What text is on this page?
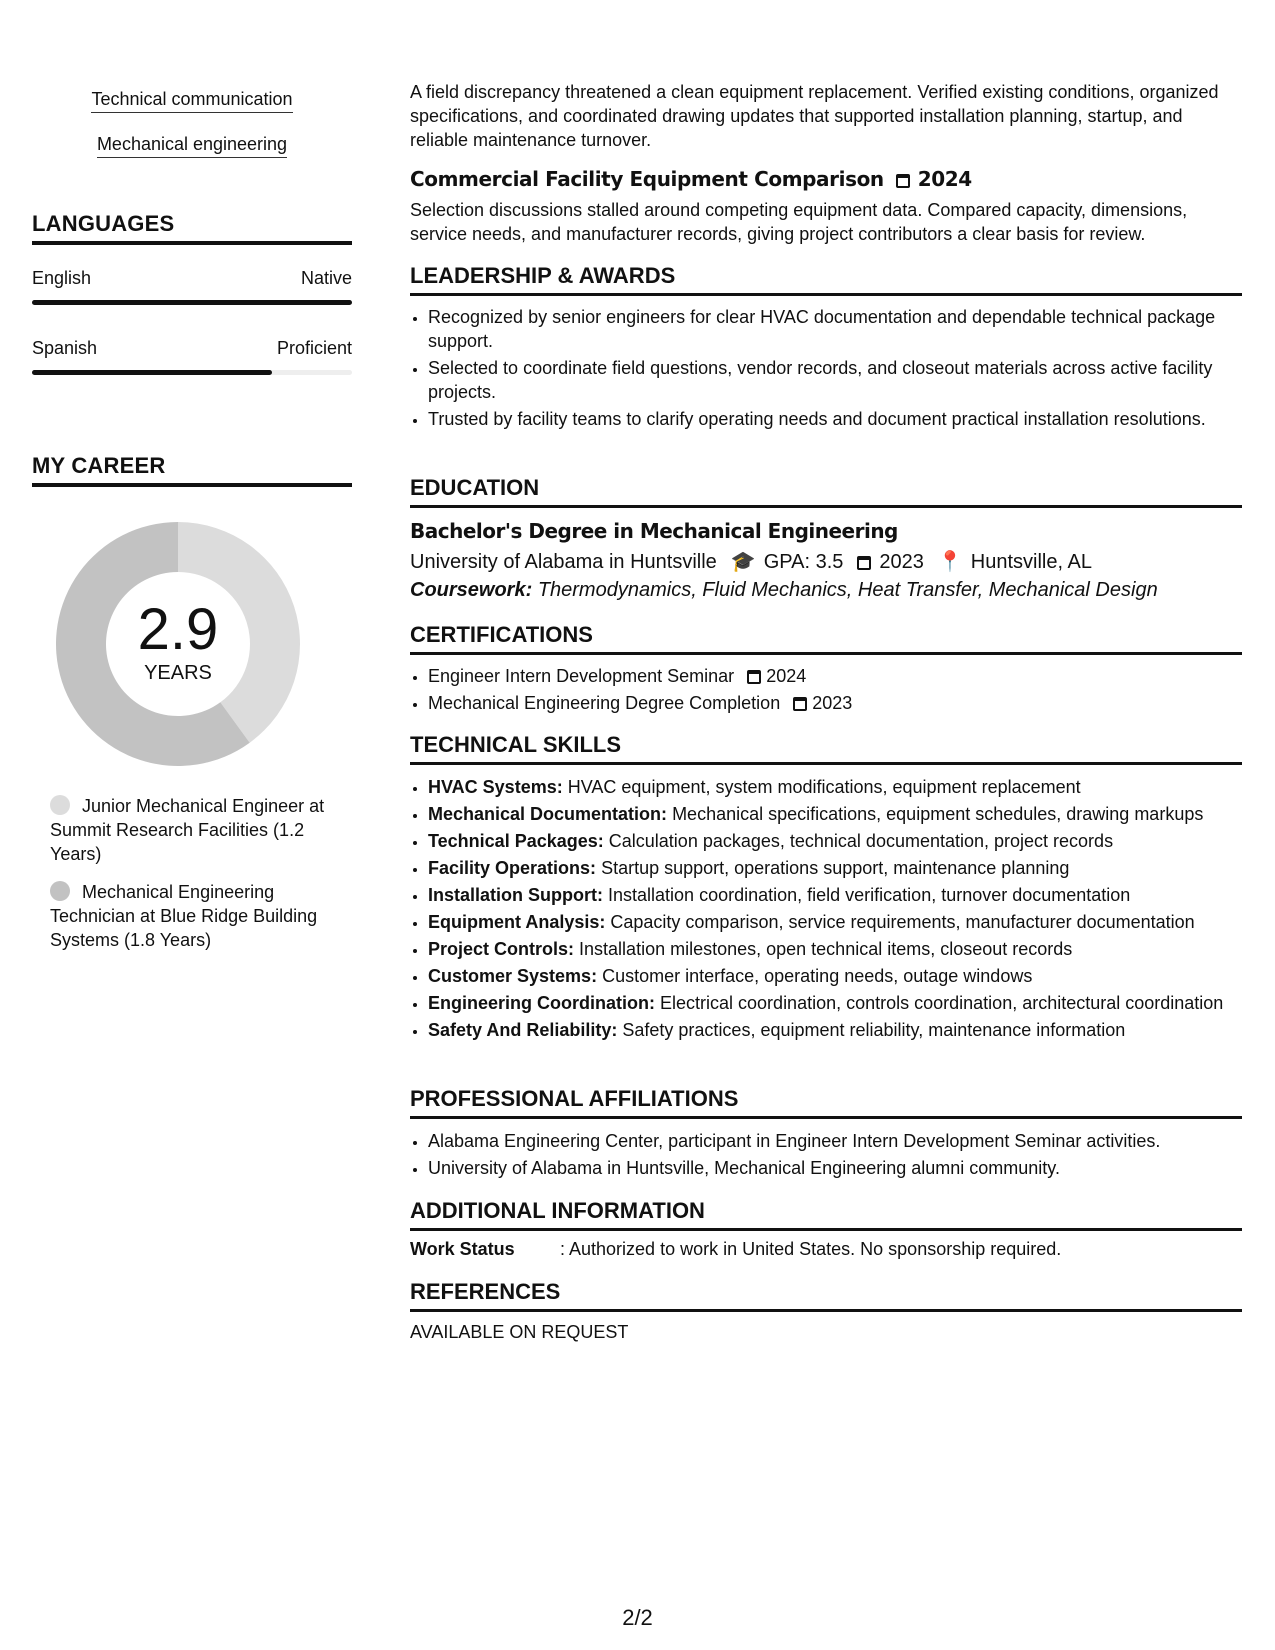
Technical communication
Mechanical engineering
LANGUAGES
English	Native
Spanish	Proficient
MY CAREER
2.9
YEARS
Junior Mechanical Engineer at Summit Research Facilities (1.2 Years)
Mechanical Engineering Technician at Blue Ridge Building Systems (1.8 Years)
A field discrepancy threatened a clean equipment replacement. Verified existing conditions, organized specifications, and coordinated drawing updates that supported installation planning, startup, and reliable maintenance turnover.
Commercial Facility Equipment Comparison 2024
Selection discussions stalled around competing equipment data. Compared capacity, dimensions, service needs, and manufacturer records, giving project contributors a clear basis for review.
LEADERSHIP & AWARDS
• Recognized by senior engineers for clear HVAC documentation and dependable technical package support.
• Selected to coordinate field questions, vendor records, and closeout materials across active facility projects.
• Trusted by facility teams to clarify operating needs and document practical installation resolutions.
EDUCATION
Bachelor's Degree in Mechanical Engineering
University of Alabama in Huntsville 🎓 GPA: 3.5 2023 📍 Huntsville, AL
Coursework: Thermodynamics, Fluid Mechanics, Heat Transfer, Mechanical Design
CERTIFICATIONS
• Engineer Intern Development Seminar 2024
• Mechanical Engineering Degree Completion 2023
TECHNICAL SKILLS
• HVAC Systems: HVAC equipment, system modifications, equipment replacement
• Mechanical Documentation: Mechanical specifications, equipment schedules, drawing markups
• Technical Packages: Calculation packages, technical documentation, project records
• Facility Operations: Startup support, operations support, maintenance planning
• Installation Support: Installation coordination, field verification, turnover documentation
• Equipment Analysis: Capacity comparison, service requirements, manufacturer documentation
• Project Controls: Installation milestones, open technical items, closeout records
• Customer Systems: Customer interface, operating needs, outage windows
• Engineering Coordination: Electrical coordination, controls coordination, architectural coordination
• Safety And Reliability: Safety practices, equipment reliability, maintenance information
PROFESSIONAL AFFILIATIONS
• Alabama Engineering Center, participant in Engineer Intern Development Seminar activities.
• University of Alabama in Huntsville, Mechanical Engineering alumni community.
ADDITIONAL INFORMATION
Work Status	: Authorized to work in United States. No sponsorship required.
REFERENCES
AVAILABLE ON REQUEST
2/2
